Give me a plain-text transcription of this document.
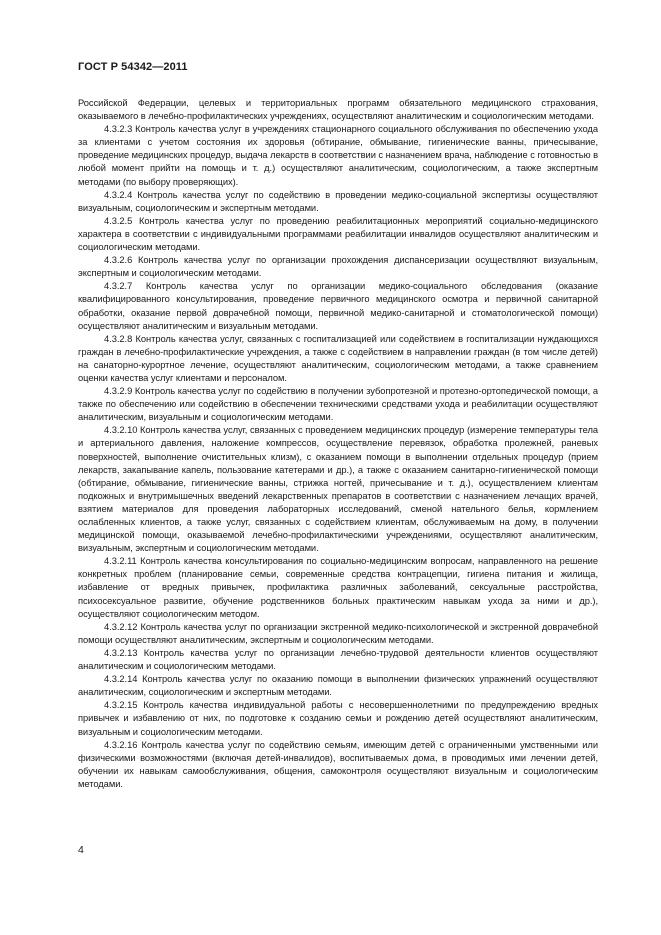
ГОСТ Р 54342—2011

Российской Федерации, целевых и территориальных программ обязательного медицинского страхования, оказываемого в лечебно-профилактических учреждениях, осуществляют аналитическим и социологическим методами.

4.3.2.3 Контроль качества услуг в учреждениях стационарного социального обслуживания по обеспечению ухода за клиентами с учетом состояния их здоровья (обтирание, обмывание, гигиенические ванны, причесывание, проведение медицинских процедур, выдача лекарств в соответствии с назначением врача, наблюдение с готовностью в любой момент прийти на помощь и т. д.) осуществляют аналитическим, социологическим, а также экспертным методами (по выбору проверяющих).

4.3.2.4 Контроль качества услуг по содействию в проведении медико-социальной экспертизы осуществляют визуальным, социологическим и экспертным методами.

4.3.2.5 Контроль качества услуг по проведению реабилитационных мероприятий социально-медицинского характера в соответствии с индивидуальными программами реабилитации инвалидов осуществляют аналитическим и социологическим методами.

4.3.2.6 Контроль качества услуг по организации прохождения диспансеризации осуществляют визуальным, экспертным и социологическим методами.

4.3.2.7 Контроль качества услуг по организации медико-социального обследования (оказание квалифицированного консультирования, проведение первичного медицинского осмотра и первичной санитарной обработки, оказание первой доврачебной помощи, первичной медико-санитарной и стоматологической помощи) осуществляют аналитическим и визуальным методами.

4.3.2.8 Контроль качества услуг, связанных с госпитализацией или содействием в госпитализации нуждающихся граждан в лечебно-профилактические учреждения, а также с содействием в направлении граждан (в том числе детей) на санаторно-курортное лечение, осуществляют аналитическим, социологическим методами, а также сравнением оценки качества услуг клиентами и персоналом.

4.3.2.9 Контроль качества услуг по содействию в получении зубопротезной и протезно-ортопедической помощи, а также по обеспечению или содействию в обеспечении техническими средствами ухода и реабилитации осуществляют аналитическим, визуальным и социологическим методами.

4.3.2.10 Контроль качества услуг, связанных с проведением медицинских процедур (измерение температуры тела и артериального давления, наложение компрессов, осуществление перевязок, обработка пролежней, раневых поверхностей, выполнение очистительных клизм), с оказанием помощи в выполнении отдельных процедур (прием лекарств, закапывание капель, пользование катетерами и др.), а также с оказанием санитарно-гигиенической помощи (обтирание, обмывание, гигиенические ванны, стрижка ногтей, причесывание и т. д.), осуществлением клиентам подкожных и внутримышечных введений лекарственных препаратов в соответствии с назначением лечащих врачей, взятием материалов для проведения лабораторных исследований, сменой нательного белья, кормлением ослабленных клиентов, а также услуг, связанных с содействием клиентам, обслуживаемым на дому, в получении медицинской помощи, оказываемой лечебно-профилактическими учреждениями, осуществляют аналитическим, визуальным, экспертным и социологическим методами.

4.3.2.11 Контроль качества консультирования по социально-медицинским вопросам, направленного на решение конкретных проблем (планирование семьи, современные средства контрацепции, гигиена питания и жилища, избавление от вредных привычек, профилактика различных заболеваний, сексуальные расстройства, психосексуальное развитие, обучение родственников больных практическим навыкам ухода за ними и др.), осуществляют социологическим методом.

4.3.2.12 Контроль качества услуг по организации экстренной медико-психологической и экстренной доврачебной помощи осуществляют аналитическим, экспертным и социологическим методами.

4.3.2.13 Контроль качества услуг по организации лечебно-трудовой деятельности клиентов осуществляют аналитическим и социологическим методами.

4.3.2.14 Контроль качества услуг по оказанию помощи в выполнении физических упражнений осуществляют аналитическим, социологическим и экспертным методами.

4.3.2.15 Контроль качества индивидуальной работы с несовершеннолетними по предупреждению вредных привычек и избавлению от них, по подготовке к созданию семьи и рождению детей осуществляют аналитическим, визуальным и социологическим методами.

4.3.2.16 Контроль качества услуг по содействию семьям, имеющим детей с ограниченными умственными или физическими возможностями (включая детей-инвалидов), воспитываемых дома, в проводимых ими лечении детей, обучении их навыкам самообслуживания, общения, самоконтроля осуществляют визуальным и социологическим методами.

4
